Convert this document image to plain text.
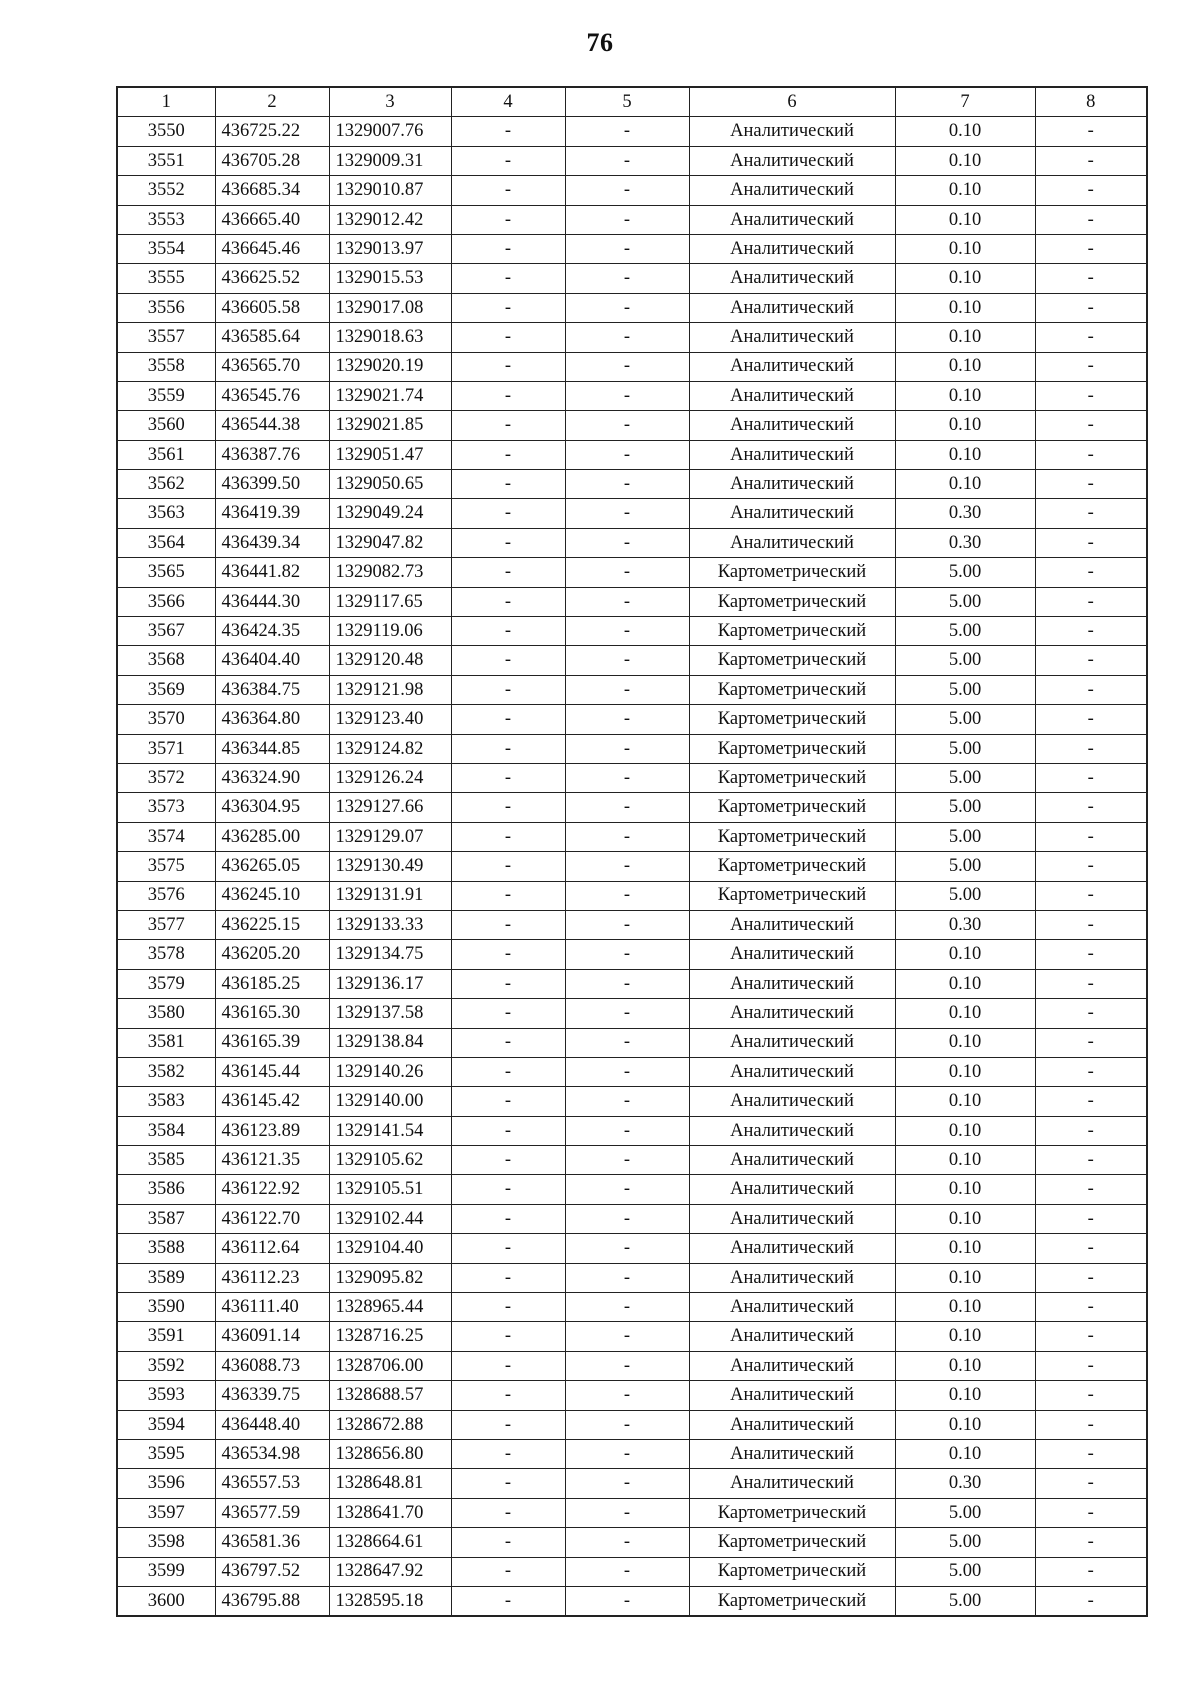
76
1	2	3	4	5	6	7	8
3550	436725.22	1329007.76	-	-	Аналитический	0.10	-
3551	436705.28	1329009.31	-	-	Аналитический	0.10	-
3552	436685.34	1329010.87	-	-	Аналитический	0.10	-
3553	436665.40	1329012.42	-	-	Аналитический	0.10	-
3554	436645.46	1329013.97	-	-	Аналитический	0.10	-
3555	436625.52	1329015.53	-	-	Аналитический	0.10	-
3556	436605.58	1329017.08	-	-	Аналитический	0.10	-
3557	436585.64	1329018.63	-	-	Аналитический	0.10	-
3558	436565.70	1329020.19	-	-	Аналитический	0.10	-
3559	436545.76	1329021.74	-	-	Аналитический	0.10	-
3560	436544.38	1329021.85	-	-	Аналитический	0.10	-
3561	436387.76	1329051.47	-	-	Аналитический	0.10	-
3562	436399.50	1329050.65	-	-	Аналитический	0.10	-
3563	436419.39	1329049.24	-	-	Аналитический	0.30	-
3564	436439.34	1329047.82	-	-	Аналитический	0.30	-
3565	436441.82	1329082.73	-	-	Картометрический	5.00	-
3566	436444.30	1329117.65	-	-	Картометрический	5.00	-
3567	436424.35	1329119.06	-	-	Картометрический	5.00	-
3568	436404.40	1329120.48	-	-	Картометрический	5.00	-
3569	436384.75	1329121.98	-	-	Картометрический	5.00	-
3570	436364.80	1329123.40	-	-	Картометрический	5.00	-
3571	436344.85	1329124.82	-	-	Картометрический	5.00	-
3572	436324.90	1329126.24	-	-	Картометрический	5.00	-
3573	436304.95	1329127.66	-	-	Картометрический	5.00	-
3574	436285.00	1329129.07	-	-	Картометрический	5.00	-
3575	436265.05	1329130.49	-	-	Картометрический	5.00	-
3576	436245.10	1329131.91	-	-	Картометрический	5.00	-
3577	436225.15	1329133.33	-	-	Аналитический	0.30	-
3578	436205.20	1329134.75	-	-	Аналитический	0.10	-
3579	436185.25	1329136.17	-	-	Аналитический	0.10	-
3580	436165.30	1329137.58	-	-	Аналитический	0.10	-
3581	436165.39	1329138.84	-	-	Аналитический	0.10	-
3582	436145.44	1329140.26	-	-	Аналитический	0.10	-
3583	436145.42	1329140.00	-	-	Аналитический	0.10	-
3584	436123.89	1329141.54	-	-	Аналитический	0.10	-
3585	436121.35	1329105.62	-	-	Аналитический	0.10	-
3586	436122.92	1329105.51	-	-	Аналитический	0.10	-
3587	436122.70	1329102.44	-	-	Аналитический	0.10	-
3588	436112.64	1329104.40	-	-	Аналитический	0.10	-
3589	436112.23	1329095.82	-	-	Аналитический	0.10	-
3590	436111.40	1328965.44	-	-	Аналитический	0.10	-
3591	436091.14	1328716.25	-	-	Аналитический	0.10	-
3592	436088.73	1328706.00	-	-	Аналитический	0.10	-
3593	436339.75	1328688.57	-	-	Аналитический	0.10	-
3594	436448.40	1328672.88	-	-	Аналитический	0.10	-
3595	436534.98	1328656.80	-	-	Аналитический	0.10	-
3596	436557.53	1328648.81	-	-	Аналитический	0.30	-
3597	436577.59	1328641.70	-	-	Картометрический	5.00	-
3598	436581.36	1328664.61	-	-	Картометрический	5.00	-
3599	436797.52	1328647.92	-	-	Картометрический	5.00	-
3600	436795.88	1328595.18	-	-	Картометрический	5.00	-
